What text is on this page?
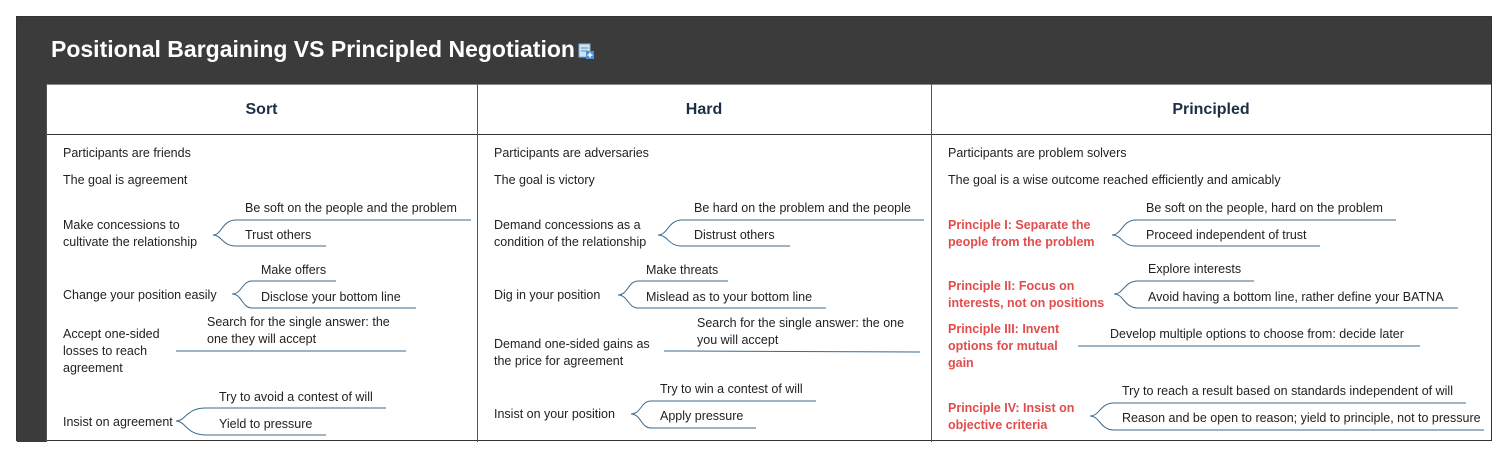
Positional Bargaining VS Principled Negotiation
Sort	Hard	Principled
Participants are friends
The goal is agreement
Make concessions to
cultivate the relationship
Be soft on the people and the problem
Trust others
Change your position easily
Make offers
Disclose your bottom line
Accept one-sided
losses to reach
agreement
Search for the single answer: the
one they will accept
Insist on agreement
Try to avoid a contest of will
Yield to pressure
Participants are adversaries
The goal is victory
Demand concessions as a
condition of the relationship
Be hard on the problem and the people
Distrust others
Dig in your position
Make threats
Mislead as to your bottom line
Demand one-sided gains as
the price for agreement
Search for the single answer: the one
you will accept
Insist on your position
Try to win a contest of will
Apply pressure
Participants are problem solvers
The goal is a wise outcome reached efficiently and amicably
Principle I: Separate the
people from the problem
Be soft on the people, hard on the problem
Proceed independent of trust
Principle II: Focus on
interests, not on positions
Explore interests
Avoid having a bottom line, rather define your BATNA
Principle III: Invent
options for mutual
gain
Develop multiple options to choose from: decide later
Principle IV: Insist on
objective criteria
Try to reach a result based on standards independent of will
Reason and be open to reason; yield to principle, not to pressure
